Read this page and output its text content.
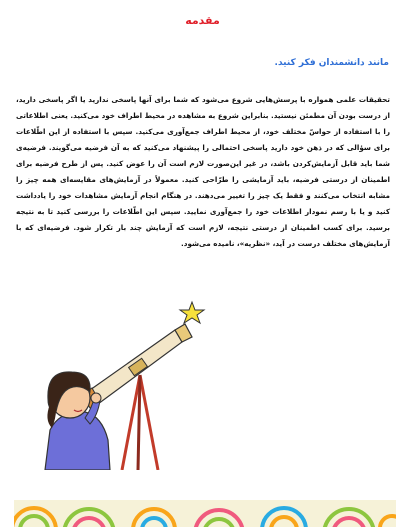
مقدمه
مانند دانشمندان فکر کنید.
تحقیقات علمی همواره با پرسش‌هایی شروع می‌شود که شما برای آنها پاسخی ندارید یا اگر پاسخی دارید، از درست بودن آن مطمئن نیستید. بنابراین شروع به مشاهده در محیط اطراف خود می‌کنید. یعنی اطلاعاتی را با استفاده از حواسّ مختلف خود، از محیط اطراف جمع‌آوری می‌کنید. سپس با استفاده از این اطّلاعات برای سؤالی که در ذهن خود دارید پاسخی احتمالی را پیشنهاد می‌کنید که به آن فرضیه می‌گویند. فرضیه‌ی شما باید قابل آزمایش‌کردن باشد، در غیر این‌صورت لازم است آن را عوض کنید. پس از طرح فرضیه برای اطمینان از درستی فرضیه، باید آزمایشی را طرّاحی کنید. معمولاً در آزمایش‌های مقایسه‌ای همه چیز را مشابه انتخاب می‌کنند و فقط یک چیز را تغییر می‌دهند. در هنگام انجام آزمایش مشاهدات خود را یادداشت کنید و یا با رسم نمودار اطلاعات خود را جمع‌آوری نمایید. سپس این اطّلاعات را بررسی کنید تا به نتیجه برسید. برای کسب اطمینان از درستی نتیجه، لازم است که آزمایش چند بار تکرار شود. فرضیه‌ای که با آزمایش‌های مختلف درست در آید، «نظریه»، نامیده می‌شود.
